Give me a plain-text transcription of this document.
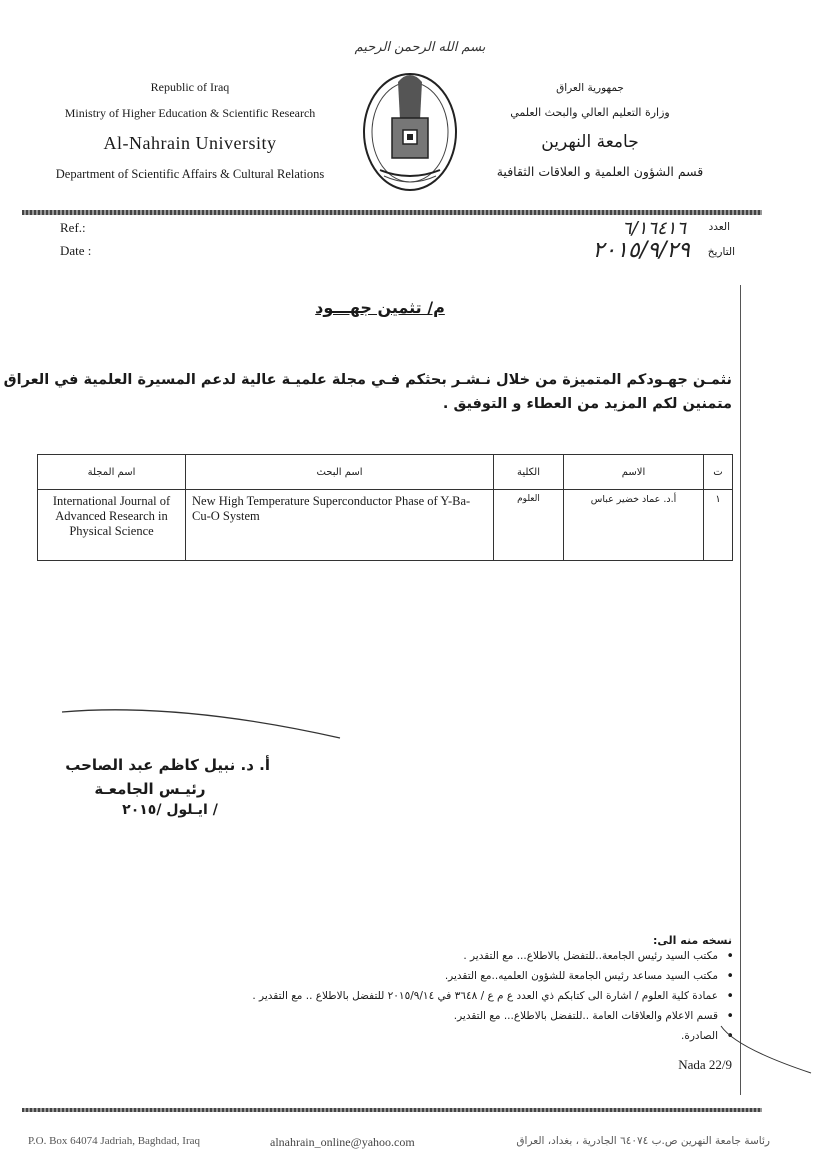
بسم الله الرحمن الرحيم
Republic of Iraq
Ministry of Higher Education & Scientific Research
Al-Nahrain University
Department of Scientific Affairs & Cultural Relations
جمهورية العراق
وزارة التعليم العالي والبحث العلمي
جامعة النهرين
قسم الشؤون العلمية و العلاقات الثقافية
Ref.:
Date :
العدد
٦/١٦٤١٦
التاريخ
٢٠١٥/٩/٢٩
م/ تثمين جهـــود
نثمـن جهـودكم المتميزة من خلال نـشـر بحثكم فـي مجلة علميـة عالية لدعم المسيرة العلمية في العراق
متمنين لكم المزيد من العطاء و التوفيق .
اسم المجلة	اسم البحث	الكلية	الاسم	ت
International Journal of Advanced Research in Physical Science	New High Temperature Superconductor Phase of Y-Ba-Cu-O System	العلوم	أ.د. عماد خضير عباس	١
أ. د. نبيل كاظم عبد الصاحب
رئيـس الجامعـة
/ ايـلول /٢٠١٥
نسخه منه الى:
• مكتب السيد رئيس الجامعة..للتفضل بالاطلاع... مع التقدير .
• مكتب السيد مساعد رئيس الجامعة للشؤون العلميه..مع التقدير.
• عمادة كلية العلوم / اشارة الى كتابكم ذي العدد ع م ع / ٣٦٤٨ في ٢٠١٥/٩/١٤ للتفضل بالاطلاع .. مع التقدير .
• قسم الاعلام والعلاقات العامة ..للتفضل بالاطلاع... مع التقدير.
• الصادرة.
Nada 22/9
P.O. Box 64074 Jadriah, Baghdad, Iraq	alnahrain_online@yahoo.com	رئاسة جامعة النهرين ص.ب ٦٤٠٧٤ الجادرية ، بغداد، العراق
